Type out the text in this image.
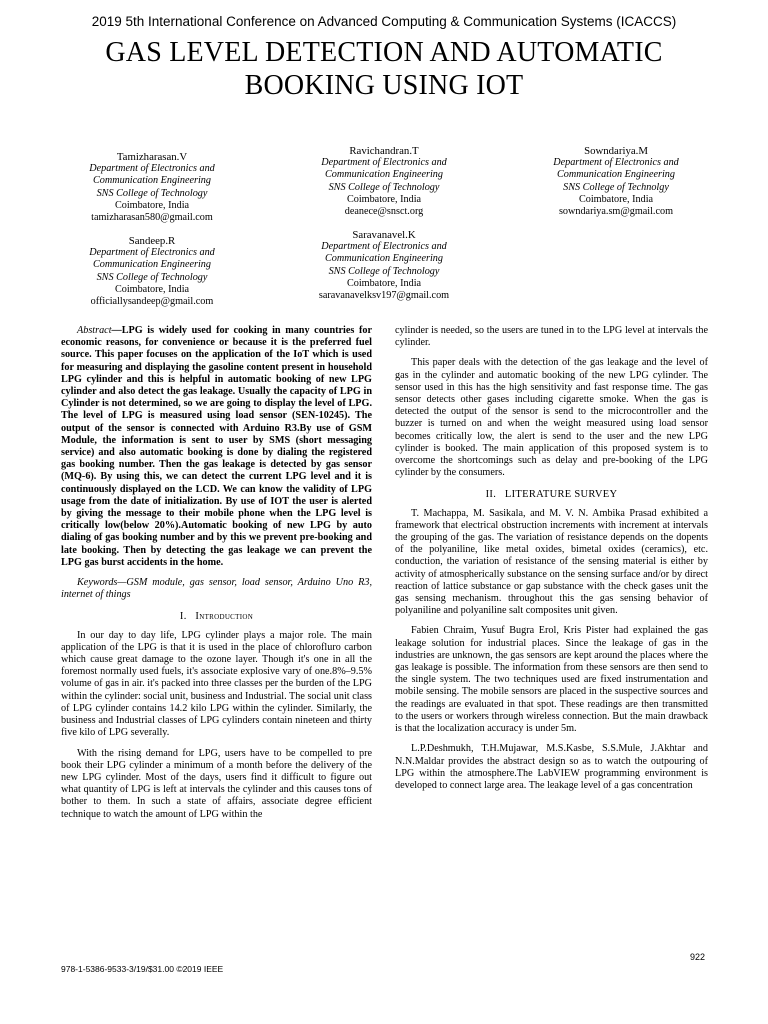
2019 5th International Conference on Advanced Computing & Communication Systems (ICACCS)
GAS LEVEL DETECTION AND AUTOMATIC
BOOKING USING IOT
Tamizharasan.V
Department of Electronics and
Communication Engineering
SNS College of Technology
Coimbatore, India
tamizharasan580@gmail.com
Ravichandran.T
Department of Electronics and
Communication Engineering
SNS College of Technology
Coimbatore, India
deanece@snsct.org
Sowndariya.M
Department of Electronics and
Communication Engineering
SNS College of Technolgy
Coimbatore, India
sowndariya.sm@gmail.com
Sandeep.R
Department of Electronics and
Communication Engineering
SNS College of Technology
Coimbatore, India
officiallysandeep@gmail.com
Saravanavel.K
Department of Electronics and
Communication Engineering
SNS College of Technology
Coimbatore, India
saravanavelksv197@gmail.com

Abstract—LPG is widely used for cooking in many countries for economic reasons, for convenience or because it is the preferred fuel source. This paper focuses on the application of the IoT which is used for measuring and displaying the gasoline content present in household LPG cylinder and this is helpful in automatic booking of new LPG cylinder and also detect the gas leakage. Usually the capacity of LPG in Cylinder is not determined, so we are going to display the level of LPG. The level of LPG is measured using load sensor (SEN-10245). The output of the sensor is connected with Arduino R3.By use of GSM Module, the information is sent to user by SMS (short messaging service) and also automatic booking is done by dialing the registered gas booking number. Then the gas leakage is detected by gas sensor (MQ-6). By using this, we can detect the current LPG level and it is continuously displayed on the LCD. We can know the validity of LPG usage from the date of initialization. By use of IOT the user is alerted by giving the message to their mobile phone when the LPG level is critically low(below 20%).Automatic booking of new LPG by auto dialing of gas booking number and by this we prevent pre-booking and late booking. Then by detecting the gas leakage we can prevent the LPG gas burst accidents in the home.

Keywords—GSM module, gas sensor, load sensor, Arduino Uno R3, internet of things

I. Introduction

In our day to day life, LPG cylinder plays a major role. The main application of the LPG is that it is used in the place of chlorofluro carbon which cause great damage to the ozone layer. Though it's one in all the foremost normally used fuels, it's associate explosive vary of one.8%–9.5% volume of gas in air. it's packed into three classes per the burden of the LPG within the cylinder: social unit, business and Industrial. The social unit class of LPG cylinder contains 14.2 kilo LPG within the cylinder. Similarly, the business and Industrial classes of LPG cylinders contain nineteen and thirty five kilo of LPG severally.

With the rising demand for LPG, users have to be compelled to pre book their LPG cylinder a minimum of a month before the delivery of the new LPG cylinder. Most of the days, users find it difficult to figure out what quantity of LPG is left at intervals the cylinder and this causes tons of bother to them. In such a state of affairs, associate degree efficient technique to watch the amount of LPG within the

cylinder is needed, so the users are tuned in to the LPG level at intervals the cylinder.

This paper deals with the detection of the gas leakage and the level of gas in the cylinder and automatic booking of the new LPG cylinder. The sensor used in this has the high sensitivity and fast response time. The gas sensor detects other gases including cigarette smoke. When the gas is detected the output of the sensor is send to the microcontroller and the buzzer is turned on and when the weight measured using load sensor becomes critically low, the alert is send to the user and the new LPG cylinder is booked. The main application of this proposed system is to overcome the shortcomings such as delay and pre-booking of the LPG cylinder by the consumers.

II.   LITERATURE SURVEY

T. Machappa, M. Sasikala, and M. V. N. Ambika Prasad exhibited a framework that electrical obstruction increments with increment at intervals the grouping of the gas. The variation of resistance depends on the dopents of the polyaniline, like metal oxides, bimetal oxides (ceramics), etc. conduction, the variation of resistance of the sensing material is either by activity of atmospherically substance on the sensing surface and/or by direct reaction of lattice substance or gap substance with the check gases unit the gas sensing mechanism. throughout this the gas sensing behavior of polyaniline and polyaniline salt composites unit given.

Fabien Chraim, Yusuf Bugra Erol, Kris Pister had explained the gas leakage solution for industrial places. Since the leakage of gas in the industries are unknown, the gas sensors are kept around the places where the gas leakage is possible. The information from these sensors are then send to the single system. The two techniques used are fixed instrumentation and mobile sensing. The mobile sensors are placed in the suspective sources and the readings are evaluated in that spot. These readings are then transmitted to the users or workers through wireless connection. But the main drawback is that the localization accuracy is under 5m.

L.P.Deshmukh, T.H.Mujawar, M.S.Kasbe, S.S.Mule, J.Akhtar and N.N.Maldar provides the abstract design so as to watch the outpouring of LPG within the atmosphere.The LabVIEW programming environment is developed to connect large area. The leakage level of a gas concentration

978-1-5386-9533-3/19/$31.00 ©2019 IEEE
922
